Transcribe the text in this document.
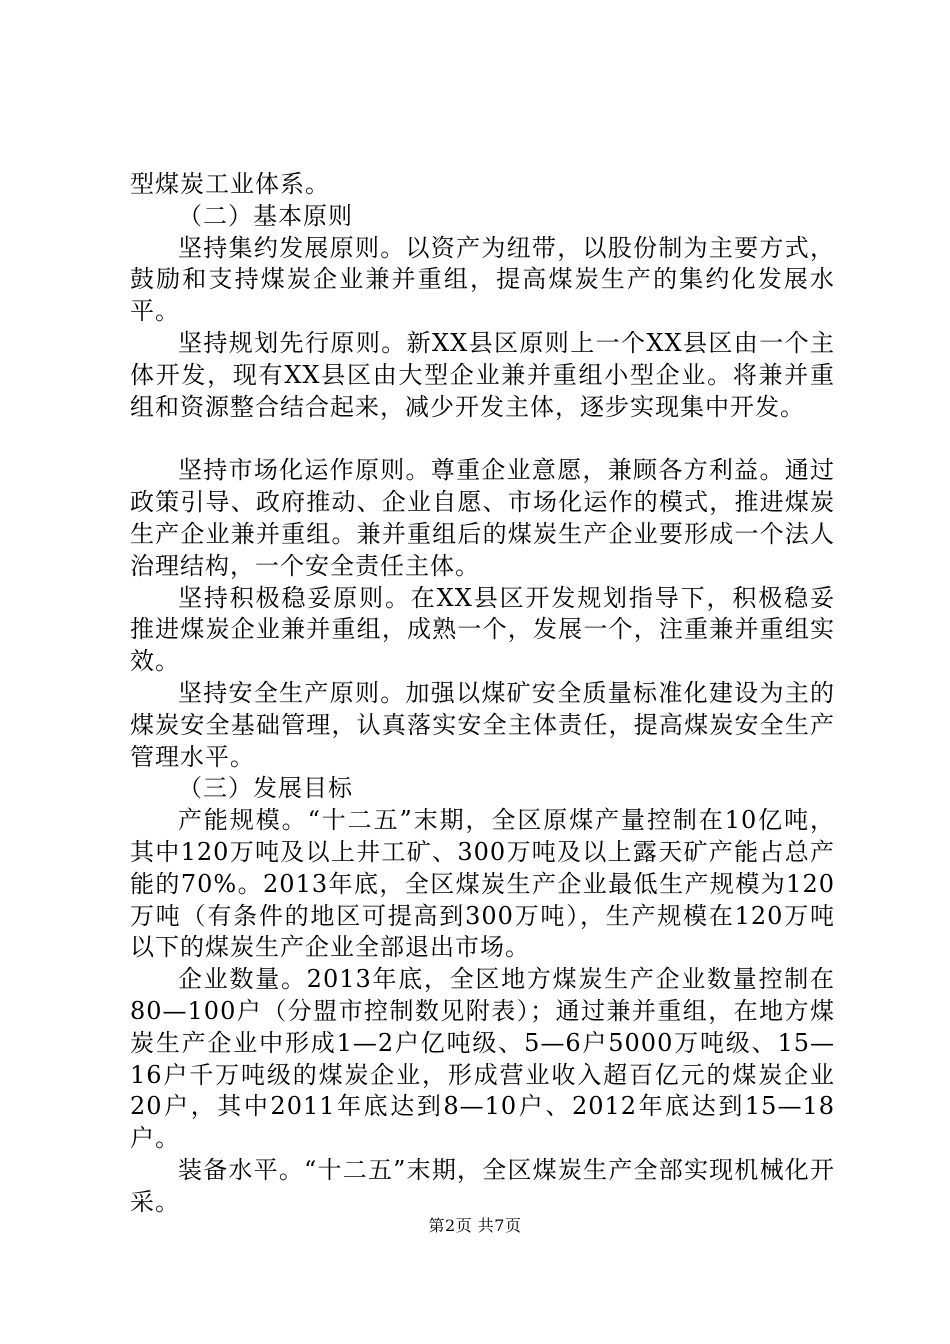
型煤炭工业体系。

（二）基本原则

坚持集约发展原则。以资产为纽带，以股份制为主要方式，鼓励和支持煤炭企业兼并重组，提高煤炭生产的集约化发展水平。

坚持规划先行原则。新XX县区原则上一个XX县区由一个主体开发，现有XX县区由大型企业兼并重组小型企业。将兼并重组和资源整合结合起来，减少开发主体，逐步实现集中开发。

坚持市场化运作原则。尊重企业意愿，兼顾各方利益。通过政策引导、政府推动、企业自愿、市场化运作的模式，推进煤炭生产企业兼并重组。兼并重组后的煤炭生产企业要形成一个法人治理结构，一个安全责任主体。

坚持积极稳妥原则。在XX县区开发规划指导下，积极稳妥推进煤炭企业兼并重组，成熟一个，发展一个，注重兼并重组实效。

坚持安全生产原则。加强以煤矿安全质量标准化建设为主的煤炭安全基础管理，认真落实安全主体责任，提高煤炭安全生产管理水平。

（三）发展目标

产能规模。“十二五”末期，全区原煤产量控制在10亿吨，其中120万吨及以上井工矿、300万吨及以上露天矿产能占总产能的70%。2013年底，全区煤炭生产企业最低生产规模为120万吨（有条件的地区可提高到300万吨），生产规模在120万吨以下的煤炭生产企业全部退出市场。

企业数量。2013年底，全区地方煤炭生产企业数量控制在80—100户（分盟市控制数见附表）；通过兼并重组，在地方煤炭生产企业中形成1—2户亿吨级、5—6户5000万吨级、15—16户千万吨级的煤炭企业，形成营业收入超百亿元的煤炭企业20户，其中2011年底达到8—10户、2012年底达到15—18户。

装备水平。“十二五”末期，全区煤炭生产全部实现机械化开采。

第2页 共7页
